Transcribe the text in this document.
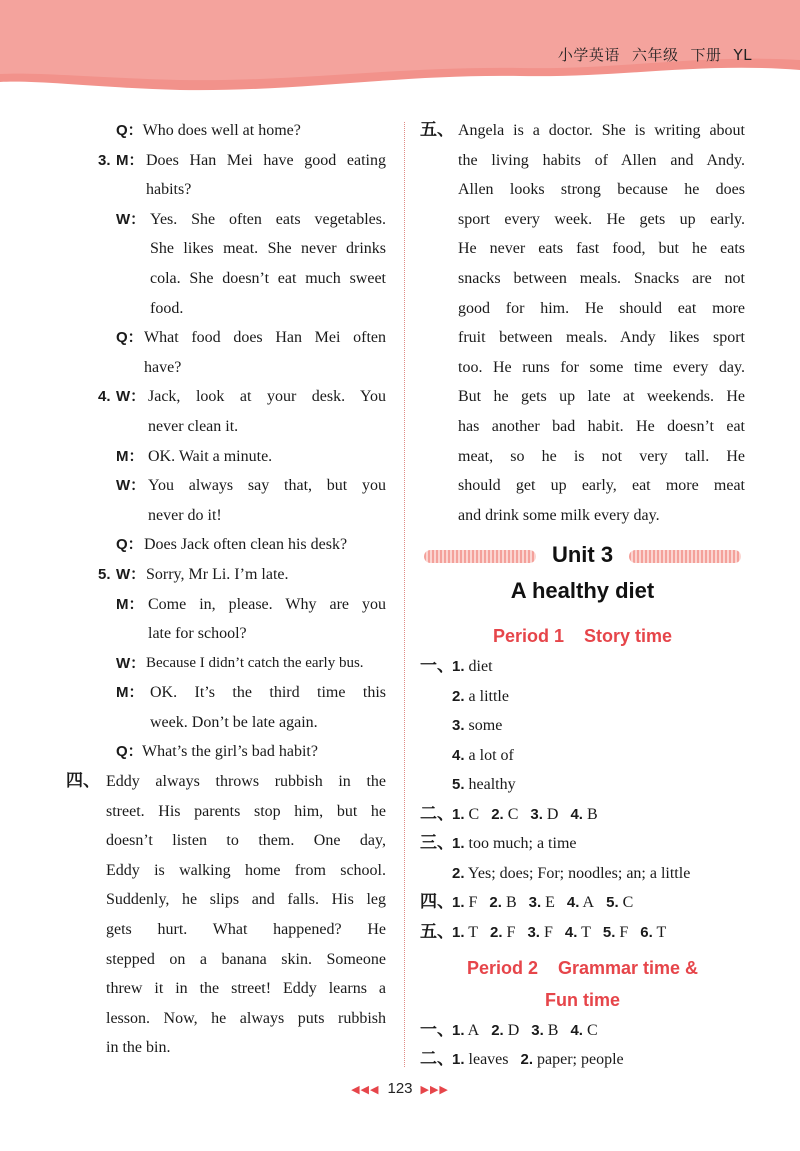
小学英语 六年级 下册 YL
Q： Who does well at home?
3. M： Does Han Mei have good eating
habits?
W： Yes. She often eats vegetables.
She likes meat. She never drinks
cola. She doesn’t eat much sweet
food.
Q： What food does Han Mei often
have?
4. W： Jack, look at your desk. You
never clean it.
M： OK. Wait a minute.
W： You always say that, but you
never do it!
Q： Does Jack often clean his desk?
5. W： Sorry, Mr Li. I’m late.
M： Come in, please. Why are you
late for school?
W： Because I didn’t catch the early bus.
M： OK. It’s the third time this
week. Don’t be late again.
Q： What’s the girl’s bad habit?
四、 Eddy always throws rubbish in the
street. His parents stop him, but he
doesn’t listen to them. One day,
Eddy is walking home from school.
Suddenly, he slips and falls. His leg
gets hurt. What happened? He
stepped on a banana skin. Someone
threw it in the street! Eddy learns a
lesson. Now, he always puts rubbish
in the bin.
五、 Angela is a doctor. She is writing about
the living habits of Allen and Andy.
Allen looks strong because he does
sport every week. He gets up early.
He never eats fast food, but he eats
snacks between meals. Snacks are not
good for him. He should eat more
fruit between meals. Andy likes sport
too. He runs for some time every day.
But he gets up late at weekends. He
has another bad habit. He doesn’t eat
meat, so he is not very tall. He
should get up early, eat more meat
and drink some milk every day.
Unit 3
A healthy diet
Period 1    Story time
一、
1. diet
2. a little
3. some
4. a lot of
5. healthy
二、
1. C 2. C 3. D 4. B
三、
1. too much; a time
2. Yes; does; For; noodles; an; a little
四、
1. F 2. B 3. E 4. A 5. C
五、
1. T 2. F 3. F 4. T 5. F 6. T
Period 2    Grammar time &
Fun time
一、
1. A 2. D 3. B 4. C
二、
1. leaves 2. paper; people
◀◀◀ 123 ▶▶▶
